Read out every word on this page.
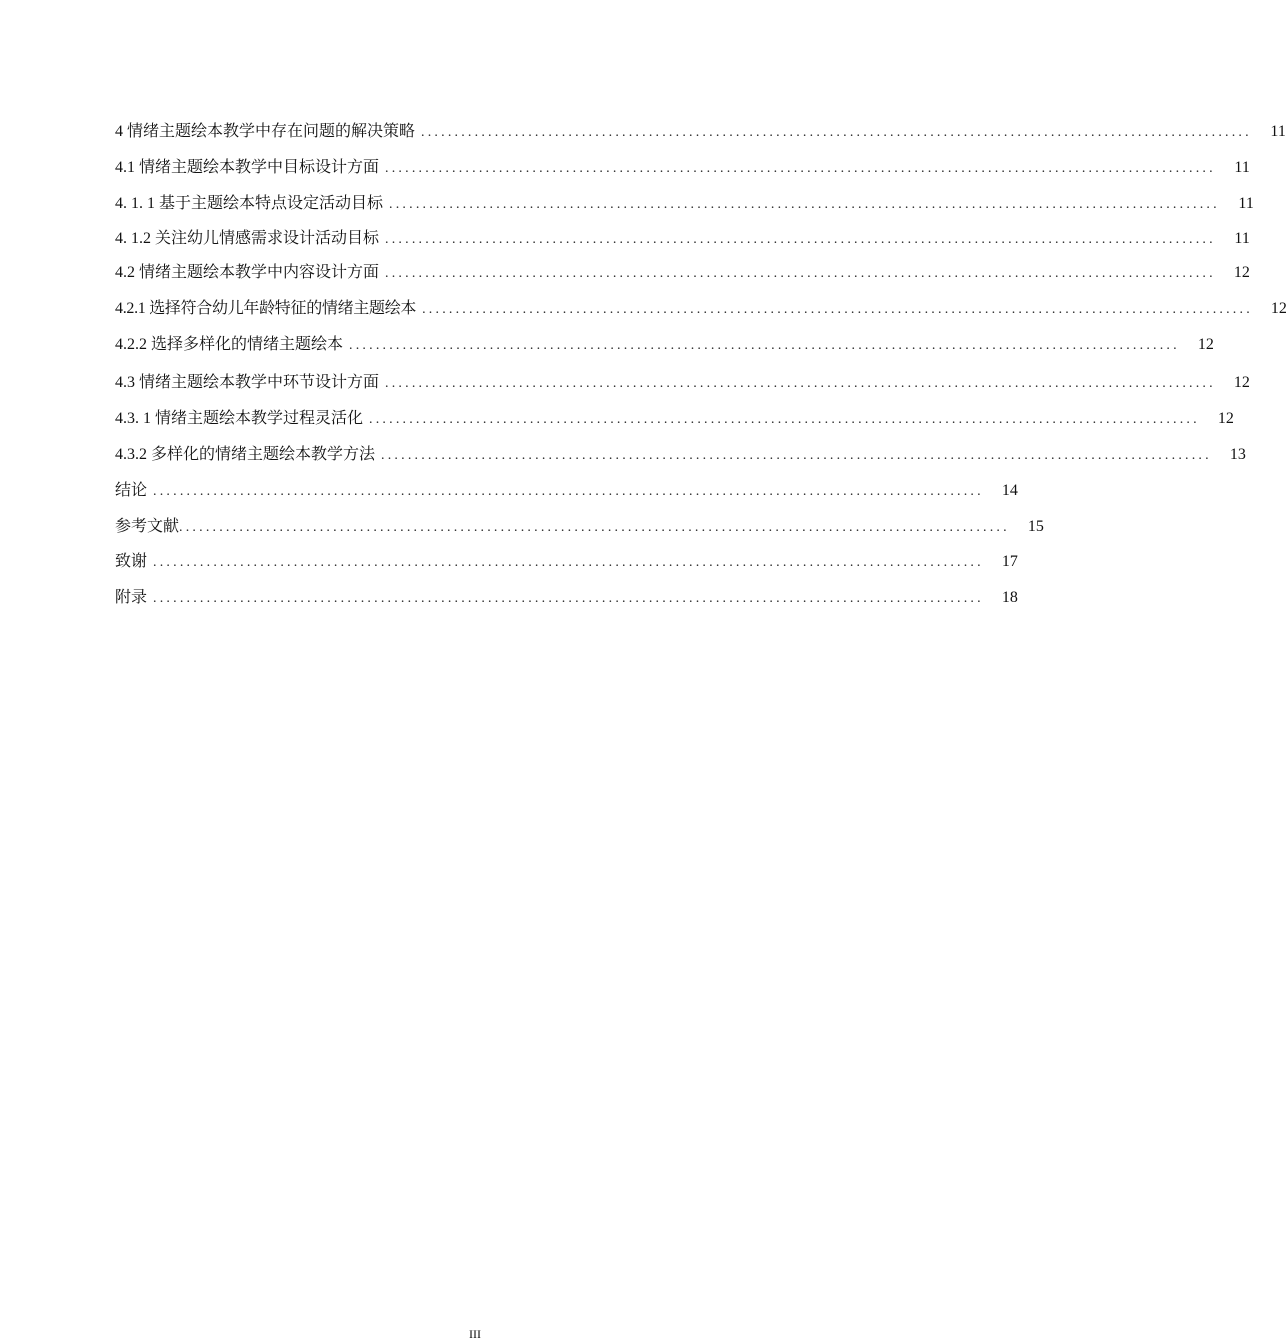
4 情绪主题绘本教学中存在问题的解决策略 ............................................................................................................................	11
4.1 情绪主题绘本教学中目标设计方面 ............................................................................................................................	11
4. 1. 1 基于主题绘本特点设定活动目标 ............................................................................................................................	11
4. 1.2 关注幼儿情感需求设计活动目标 ............................................................................................................................	11
4.2 情绪主题绘本教学中内容设计方面 ............................................................................................................................	12
4.2.1 选择符合幼儿年龄特征的情绪主题绘本 ............................................................................................................................	12
4.2.2 选择多样化的情绪主题绘本 ............................................................................................................................	12
4.3 情绪主题绘本教学中环节设计方面 ............................................................................................................................	12
4.3. 1 情绪主题绘本教学过程灵活化 ............................................................................................................................	12
4.3.2 多样化的情绪主题绘本教学方法 ............................................................................................................................	13
结论 ............................................................................................................................	14
参考文献 ............................................................................................................................	15
致谢 ............................................................................................................................	17
附录 ............................................................................................................................	18
III
